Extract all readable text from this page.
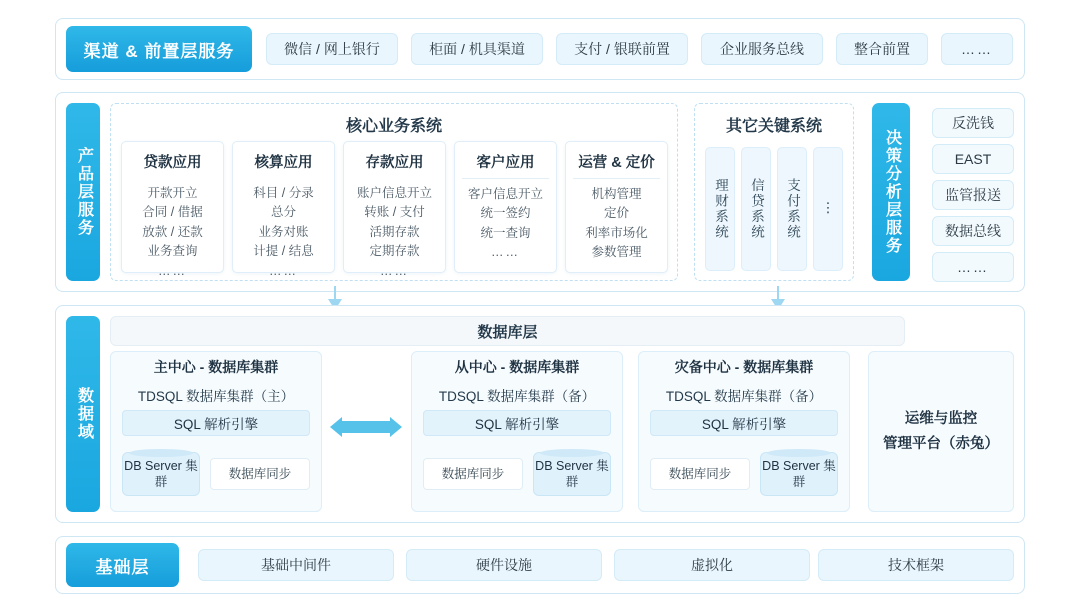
渠道 & 前置层服务	微信 / 网上银行	柜面 / 机具渠道	支付 / 银联前置	企业服务总线	整合前置	……
产品层服务
核心业务系统
贷款应用
开款开立
合同 / 借据
放款 / 还款
业务查询
……
核算应用
科目 / 分录
总分
业务对账
计提 / 结息
……
存款应用
账户信息开立
转账 / 支付
活期存款
定期存款
……
客户应用
客户信息开立
统一签约
统一查询
……
运营 & 定价
机构管理
定价
利率市场化
参数管理
其它关键系统
理财系统 信贷系统 支付系统 ⋮	决策分析层服务
反洗钱
EAST
监管报送
数据总线
……
数据域
数据库层
主中心 - 数据库集群
TDSQL 数据库集群（主）
SQL 解析引擎
DB Server 集群
数据库同步
从中心 - 数据库集群
TDSQL 数据库集群（备）
SQL 解析引擎
数据库同步
DB Server 集群
灾备中心 - 数据库集群
TDSQL 数据库集群（备）
SQL 解析引擎
数据库同步
DB Server 集群
运维与监控
管理平台（赤兔）
基础层	基础中间件	硬件设施	虚拟化	技术框架
